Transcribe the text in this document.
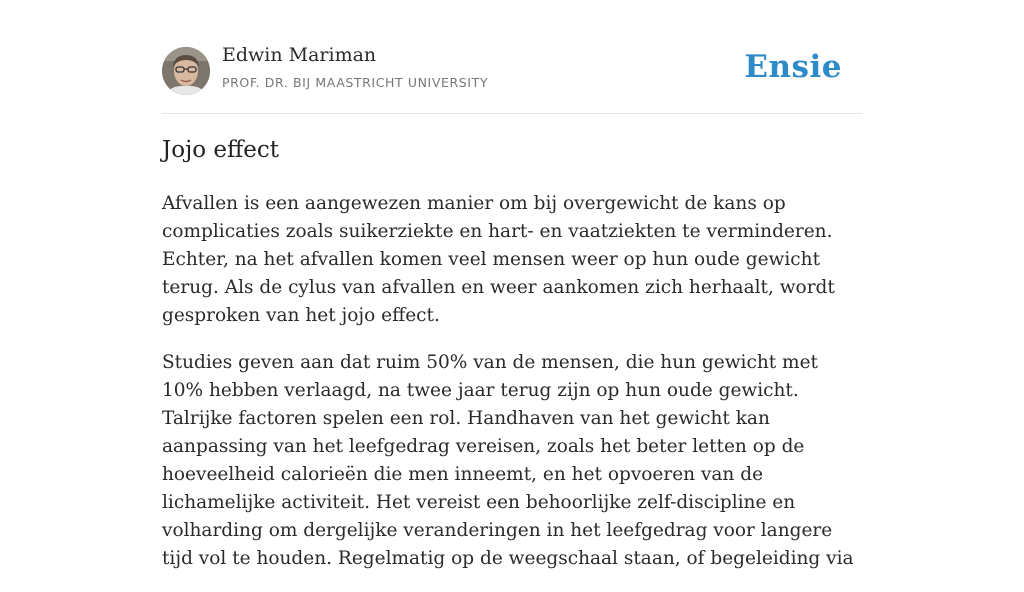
Edwin Mariman
PROF. DR. BIJ MAASTRICHT UNIVERSITY	Ensie
Jojo effect

Afvallen is een aangewezen manier om bij overgewicht de kans op complicaties zoals suikerziekte en hart- en vaatziekten te verminderen. Echter, na het afvallen komen veel mensen weer op hun oude gewicht terug. Als de cylus van afvallen en weer aankomen zich herhaalt, wordt gesproken van het jojo effect.

Studies geven aan dat ruim 50% van de mensen, die hun gewicht met 10% hebben verlaagd, na twee jaar terug zijn op hun oude gewicht. Talrijke factoren spelen een rol. Handhaven van het gewicht kan aanpassing van het leefgedrag vereisen, zoals het beter letten op de hoeveelheid calorieën die men inneemt, en het opvoeren van de lichamelijke activiteit. Het vereist een behoorlijke zelf-discipline en volharding om dergelijke veranderingen in het leefgedrag voor langere tijd vol te houden. Regelmatig op de weegschaal staan, of begeleiding via
